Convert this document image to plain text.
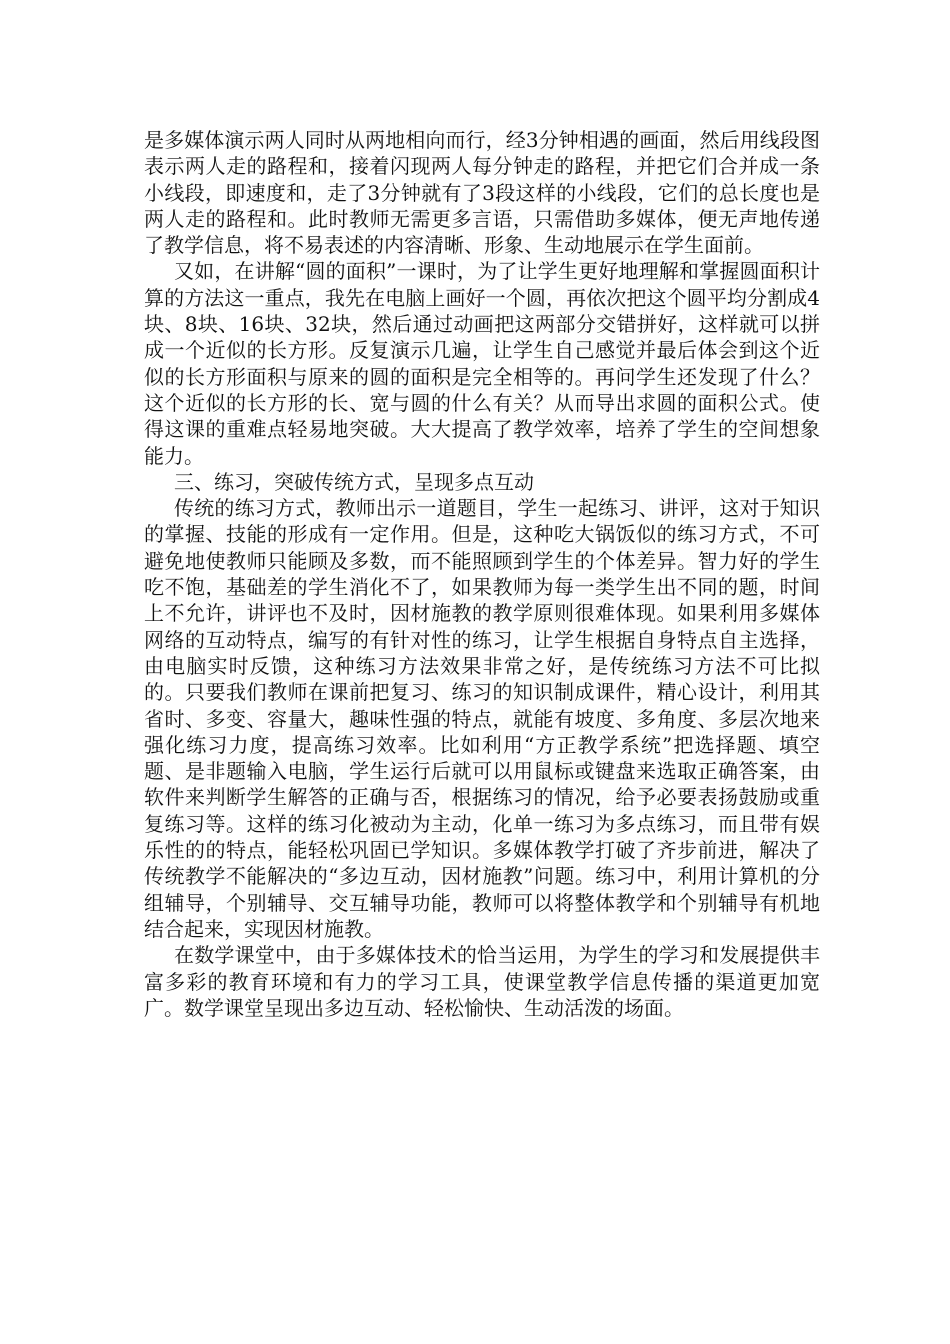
是多媒体演示两人同时从两地相向而行，经3分钟相遇的画面，然后用线段图表示两人走的路程和，接着闪现两人每分钟走的路程，并把它们合并成一条小线段，即速度和，走了3分钟就有了3段这样的小线段，它们的总长度也是两人走的路程和。此时教师无需更多言语，只需借助多媒体，便无声地传递了教学信息，将不易表述的内容清晰、形象、生动地展示在学生面前。

又如，在讲解“圆的面积”一课时，为了让学生更好地理解和掌握圆面积计算的方法这一重点，我先在电脑上画好一个圆，再依次把这个圆平均分割成4块、8块、16块、32块，然后通过动画把这两部分交错拼好，这样就可以拼成一个近似的长方形。反复演示几遍，让学生自己感觉并最后体会到这个近似的长方形面积与原来的圆的面积是完全相等的。再问学生还发现了什么？这个近似的长方形的长、宽与圆的什么有关？从而导出求圆的面积公式。使得这课的重难点轻易地突破。大大提高了教学效率，培养了学生的空间想象能力。

三、练习，突破传统方式，呈现多点互动

传统的练习方式，教师出示一道题目，学生一起练习、讲评，这对于知识的掌握、技能的形成有一定作用。但是，这种吃大锅饭似的练习方式，不可避免地使教师只能顾及多数，而不能照顾到学生的个体差异。智力好的学生吃不饱，基础差的学生消化不了，如果教师为每一类学生出不同的题，时间上不允许，讲评也不及时，因材施教的教学原则很难体现。如果利用多媒体网络的互动特点，编写的有针对性的练习，让学生根据自身特点自主选择，由电脑实时反馈，这种练习方法效果非常之好，是传统练习方法不可比拟的。只要我们教师在课前把复习、练习的知识制成课件，精心设计，利用其省时、多变、容量大，趣味性强的特点，就能有坡度、多角度、多层次地来强化练习力度，提高练习效率。比如利用“方正教学系统”把选择题、填空题、是非题输入电脑，学生运行后就可以用鼠标或键盘来选取正确答案，由软件来判断学生解答的正确与否，根据练习的情况，给予必要表扬鼓励或重复练习等。这样的练习化被动为主动，化单一练习为多点练习，而且带有娱乐性的的特点，能轻松巩固已学知识。多媒体教学打破了齐步前进，解决了传统教学不能解决的“多边互动，因材施教”问题。练习中，利用计算机的分组辅导，个别辅导、交互辅导功能，教师可以将整体教学和个别辅导有机地结合起来，实现因材施教。

在数学课堂中，由于多媒体技术的恰当运用，为学生的学习和发展提供丰富多彩的教育环境和有力的学习工具，使课堂教学信息传播的渠道更加宽广。数学课堂呈现出多边互动、轻松愉快、生动活泼的场面。
